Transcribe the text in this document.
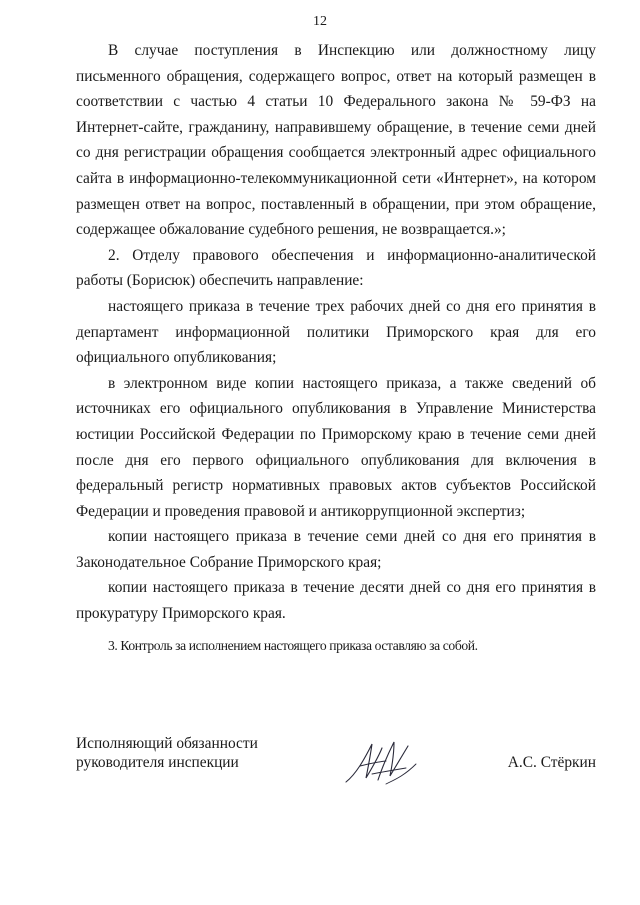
12

В случае поступления в Инспекцию или должностному лицу письменного обращения, содержащего вопрос, ответ на который размещен в соответствии с частью 4 статьи 10 Федерального закона № 59-ФЗ на Интернет-сайте, гражданину, направившему обращение, в течение семи дней со дня регистрации обращения сообщается электронный адрес официального сайта в информационно-телекоммуникационной сети «Интернет», на котором размещен ответ на вопрос, поставленный в обращении, при этом обращение, содержащее обжалование судебного решения, не возвращается.»;

2. Отделу правового обеспечения и информационно-аналитической работы (Борисюк) обеспечить направление:

настоящего приказа в течение трех рабочих дней со дня его принятия в департамент информационной политики Приморского края для его официального опубликования;

в электронном виде копии настоящего приказа, а также сведений об источниках его официального опубликования в Управление Министерства юстиции Российской Федерации по Приморскому краю в течение семи дней после дня его первого официального опубликования для включения в федеральный регистр нормативных правовых актов субъектов Российской Федерации и проведения правовой и антикоррупционной экспертиз;

копии настоящего приказа в течение семи дней со дня его принятия в Законодательное Собрание Приморского края;

копии настоящего приказа в течение десяти дней со дня его принятия в прокуратуру Приморского края.

3. Контроль за исполнением настоящего приказа оставляю за собой.

Исполняющий обязанности
руководителя инспекции	А.С. Стёркин
